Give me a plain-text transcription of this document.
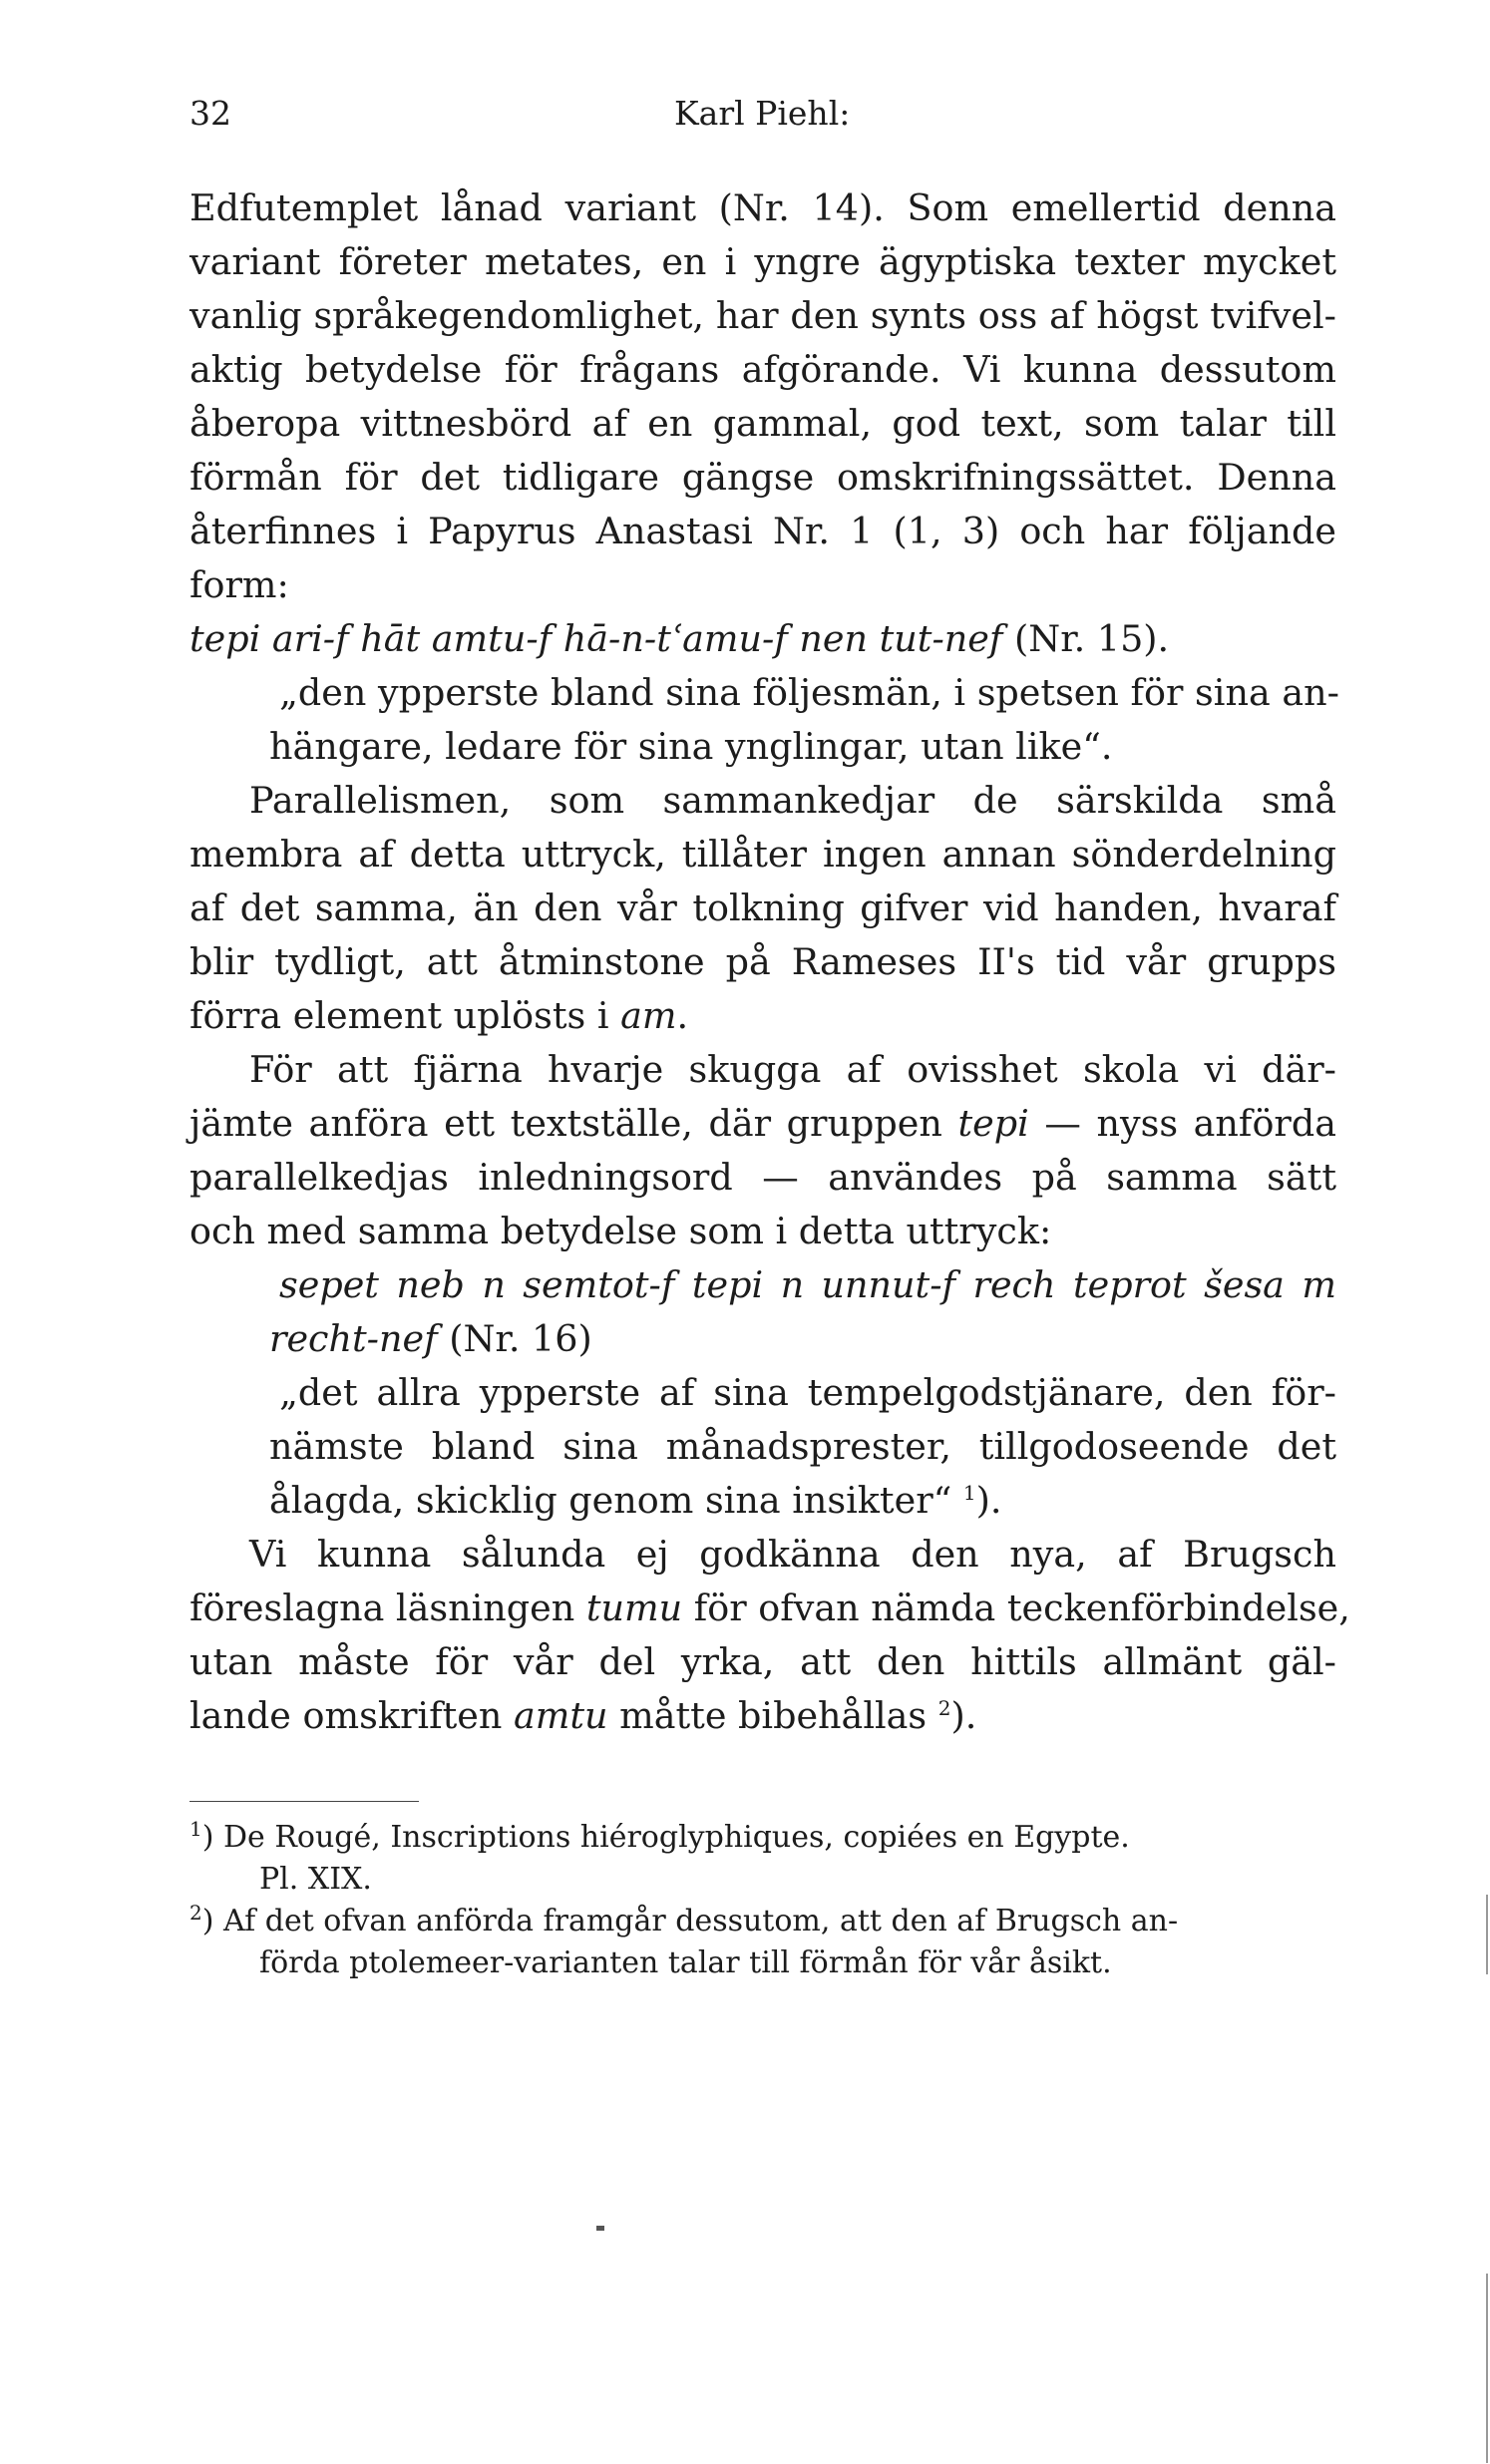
32	Karl Piehl:
Edfutemplet lånad variant (Nr. 14). Som emellertid denna
variant företer metates, en i yngre ägyptiska texter mycket
vanlig språkegendomlighet, har den synts oss af högst tvifvel-
aktig betydelse för frågans afgörande. Vi kunna dessutom
åberopa vittnesbörd af en gammal, god text, som talar till
förmån för det tidligare gängse omskrifningssättet. Denna
återfinnes i Papyrus Anastasi Nr. 1 (1, 3) och har följande
form:
tepi ari-f hāt amtu-f hā-n-tʿamu-f nen tut-nef (Nr. 15).
„den ypperste bland sina följesmän, i spetsen för sina an-
hängare, ledare för sina ynglingar, utan like“.
Parallelismen, som sammankedjar de särskilda små
membra af detta uttryck, tillåter ingen annan sönderdelning
af det samma, än den vår tolkning gifver vid handen, hvaraf
blir tydligt, att åtminstone på Rameses II's tid vår grupps
förra element uplösts i am.
För att fjärna hvarje skugga af ovisshet skola vi där-
jämte anföra ett textställe, där gruppen tepi — nyss anförda
parallelkedjas inledningsord — användes på samma sätt
och med samma betydelse som i detta uttryck:
sepet neb n semtot-f tepi n unnut-f rech teprot šesa m
recht-nef (Nr. 16)
„det allra ypperste af sina tempelgodstjänare, den för-
nämste bland sina månadsprester, tillgodoseende det
ålagda, skicklig genom sina insikter“ $^1$).
Vi kunna sålunda ej godkänna den nya, af Brugsch
föreslagna läsningen tumu för ofvan nämda teckenförbindelse,
utan måste för vår del yrka, att den hittils allmänt gäl-
lande omskriften amtu måtte bibehållas $^2$).
$^1$) De Rougé, Inscriptions hiéroglyphiques, copiées en Egypte.
Pl. XIX.
$^2$) Af det ofvan anförda framgår dessutom, att den af Brugsch an-
förda ptolemeer-varianten talar till förmån för vår åsikt.
